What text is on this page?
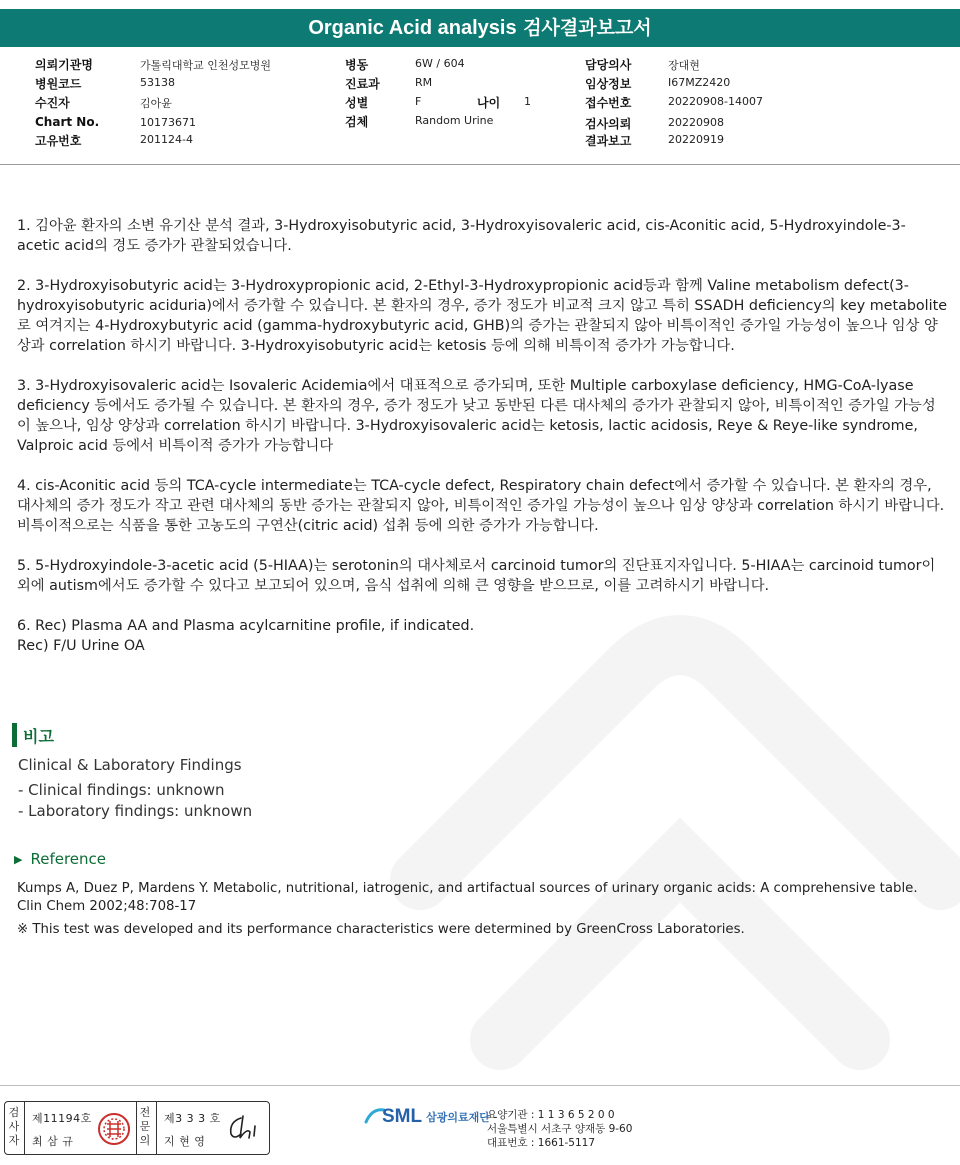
Organic Acid analysis 검사결과보고서
의뢰기관명	가톨릭대학교 인천성모병원
병원코드	53138
수진자	김아윤
Chart No.	10173671
고유번호	201124-4
병동	6W / 604
진료과	RM
성별	F	나이 1
검체	Random Urine
담당의사	장대현
임상정보	I67MZ2420
접수번호	20220908-14007
검사의뢰	20220908
결과보고	20220919

1. 김아윤 환자의 소변 유기산 분석 결과, 3-Hydroxyisobutyric acid, 3-Hydroxyisovaleric acid, cis-Aconitic acid, 5-Hydroxyindole-3-acetic acid의 경도 증가가 관찰되었습니다.

2. 3-Hydroxyisobutyric acid는 3-Hydroxypropionic acid, 2-Ethyl-3-Hydroxypropionic acid등과 함께 Valine metabolism defect(3-hydroxyisobutyric aciduria)에서 증가할 수 있습니다. 본 환자의 경우, 증가 정도가 비교적 크지 않고 특히 SSADH deficiency의 key metabolite로 여겨지는 4-Hydroxybutyric acid (gamma-hydroxybutyric acid, GHB)의 증가는 관찰되지 않아 비특이적인 증가일 가능성이 높으나 임상 양상과 correlation 하시기 바랍니다. 3-Hydroxyisobutyric acid는 ketosis 등에 의해 비특이적 증가가 가능합니다.

3. 3-Hydroxyisovaleric acid는 Isovaleric Acidemia에서 대표적으로 증가되며, 또한 Multiple carboxylase deficiency, HMG-CoA-lyase deficiency 등에서도 증가될 수 있습니다. 본 환자의 경우, 증가 정도가 낮고 동반된 다른 대사체의 증가가 관찰되지 않아, 비특이적인 증가일 가능성이 높으나, 임상 양상과 correlation 하시기 바랍니다. 3-Hydroxyisovaleric acid는 ketosis, lactic acidosis, Reye & Reye-like syndrome, Valproic acid 등에서 비특이적 증가가 가능합니다

4. cis-Aconitic acid 등의 TCA-cycle intermediate는 TCA-cycle defect, Respiratory chain defect에서 증가할 수 있습니다. 본 환자의 경우, 대사체의 증가 정도가 작고 관련 대사체의 동반 증가는 관찰되지 않아, 비특이적인 증가일 가능성이 높으나 임상 양상과 correlation 하시기 바랍니다. 비특이적으로는 식품을 통한 고농도의 구연산(citric acid) 섭취 등에 의한 증가가 가능합니다.

5. 5-Hydroxyindole-3-acetic acid (5-HIAA)는 serotonin의 대사체로서 carcinoid tumor의 진단표지자입니다. 5-HIAA는 carcinoid tumor이외에 autism에서도 증가할 수 있다고 보고되어 있으며, 음식 섭취에 의해 큰 영향을 받으므로, 이를 고려하시기 바랍니다.

6. Rec) Plasma AA and Plasma acylcarnitine profile, if indicated.
Rec) F/U Urine OA
비고
Clinical & Laboratory Findings
- Clinical findings: unknown
- Laboratory findings: unknown
▶ Reference
Kumps A, Duez P, Mardens Y. Metabolic, nutritional, iatrogenic, and artifactual sources of urinary organic acids: A comprehensive table. Clin Chem 2002;48:708-17
※ This test was developed and its performance characteristics were determined by GreenCross Laboratories.
검사자
제11194호
최 삼 규
전문의
제3 3 3 호
지 현 영
SML 삼광의료재단
요양기관 : 1 1 3 6 5 2 0 0
서울특별시 서초구 양재동 9-60
대표번호 : 1661-5117
